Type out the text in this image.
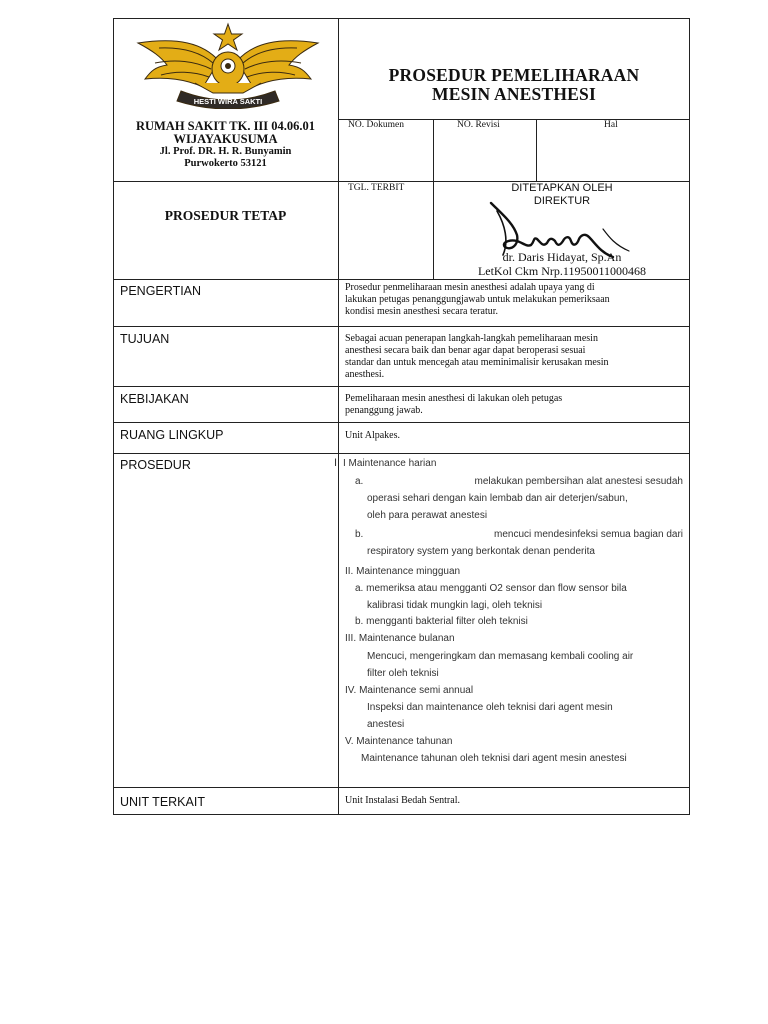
HESTI WIRA SAKTI
PROSEDUR PEMELIHARAAN
MESIN ANESTHESI
RUMAH SAKIT TK. III 04.06.01
WIJAYAKUSUMA
Jl. Prof. DR. H. R. Bunyamin
Purwokerto 53121
NO. Dokumen	NO. Revisi	Hal
PROSEDUR TETAP
TGL. TERBIT	DITETAPKAN OLEH
DIREKTUR
dr. Daris Hidayat, Sp.An
LetKol Ckm Nrp.11950011000468
PENGERTIAN	Prosedur penmeliharaan mesin anesthesi adalah upaya yang di
lakukan petugas penanggungjawab untuk melakukan pemeriksaan
kondisi mesin anesthesi secara teratur.
TUJUAN	Sebagai acuan penerapan langkah-langkah pemeliharaan mesin
anesthesi secara baik dan benar agar dapat beroperasi sesuai
standar dan untuk mencegah atau meminimalisir kerusakan mesin
anesthesi.
KEBIJAKAN	Pemeliharaan mesin anesthesi di lakukan oleh petugas
penanggung jawab.
RUANG LINGKUP	Unit Alpakes.
PROSEDUR	I I Maintenance harian
a.	melakukan pembersihan alat anestesi sesudah
operasi sehari dengan kain lembab dan air deterjen/sabun,
oleh para perawat anestesi
b.	mencuci mendesinfeksi semua bagian dari
respiratory system yang berkontak denan penderita
II. Maintenance mingguan
a. memeriksa atau mengganti O2 sensor dan flow sensor bila
kalibrasi tidak mungkin lagi, oleh teknisi
b. mengganti bakterial filter oleh teknisi
III. Maintenance bulanan
Mencuci, mengeringkam dan memasang kembali cooling air
filter oleh teknisi
IV. Maintenance semi annual
Inspeksi dan maintenance oleh teknisi dari agent mesin
anestesi
V. Maintenance tahunan
Maintenance tahunan oleh teknisi dari agent mesin anestesi
UNIT TERKAIT	Unit Instalasi Bedah Sentral.
